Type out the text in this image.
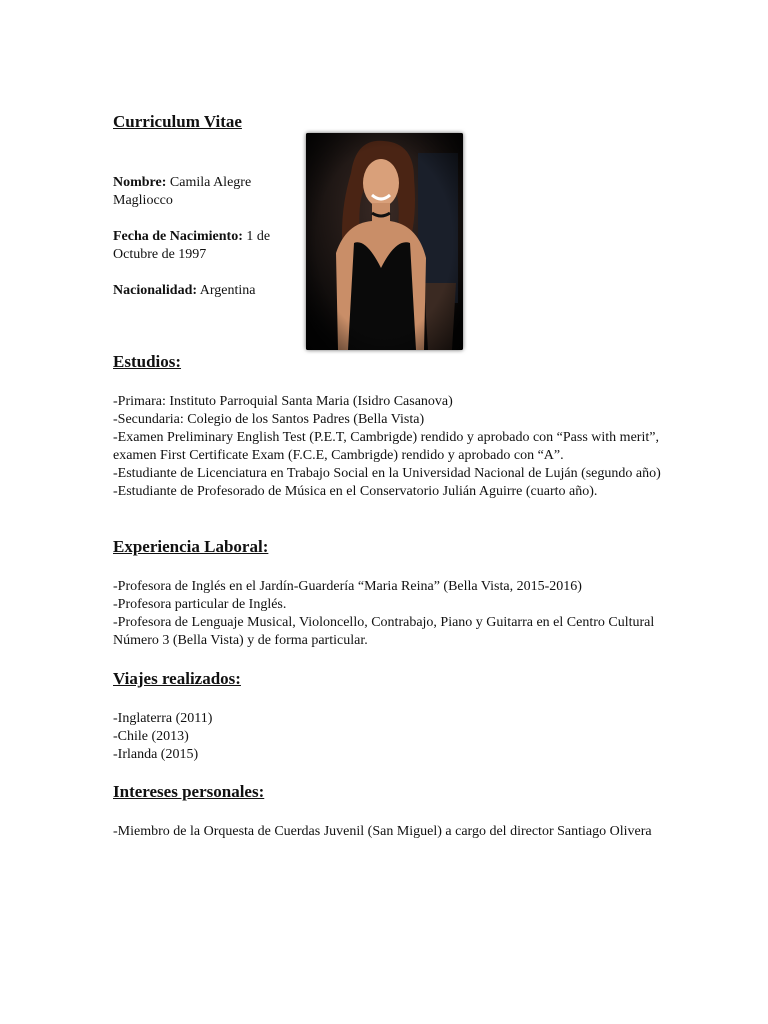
Curriculum Vitae
Nombre: Camila Alegre Magliocco
Fecha de Nacimiento: 1 de Octubre de 1997
Nacionalidad: Argentina
Estudios:
-Primara: Instituto Parroquial Santa Maria (Isidro Casanova)
-Secundaria: Colegio de los Santos Padres (Bella Vista)
-Examen Preliminary English Test (P.E.T, Cambrigde) rendido y aprobado con “Pass with merit”, examen First Certificate Exam (F.C.E, Cambrigde) rendido y aprobado con “A”.
-Estudiante de Licenciatura en Trabajo Social en la Universidad Nacional de Luján (segundo año)
-Estudiante de Profesorado de Música en el Conservatorio Julián Aguirre (cuarto año).
Experiencia Laboral:
-Profesora de Inglés en el Jardín-Guardería “Maria Reina” (Bella Vista, 2015-2016)
-Profesora particular de Inglés.
-Profesora de Lenguaje Musical, Violoncello, Contrabajo, Piano y Guitarra en el Centro Cultural Número 3 (Bella Vista) y de forma particular.
Viajes realizados:
-Inglaterra (2011)
-Chile (2013)
-Irlanda (2015)
Intereses personales:
-Miembro de la Orquesta de Cuerdas Juvenil (San Miguel) a cargo del director Santiago Olivera
